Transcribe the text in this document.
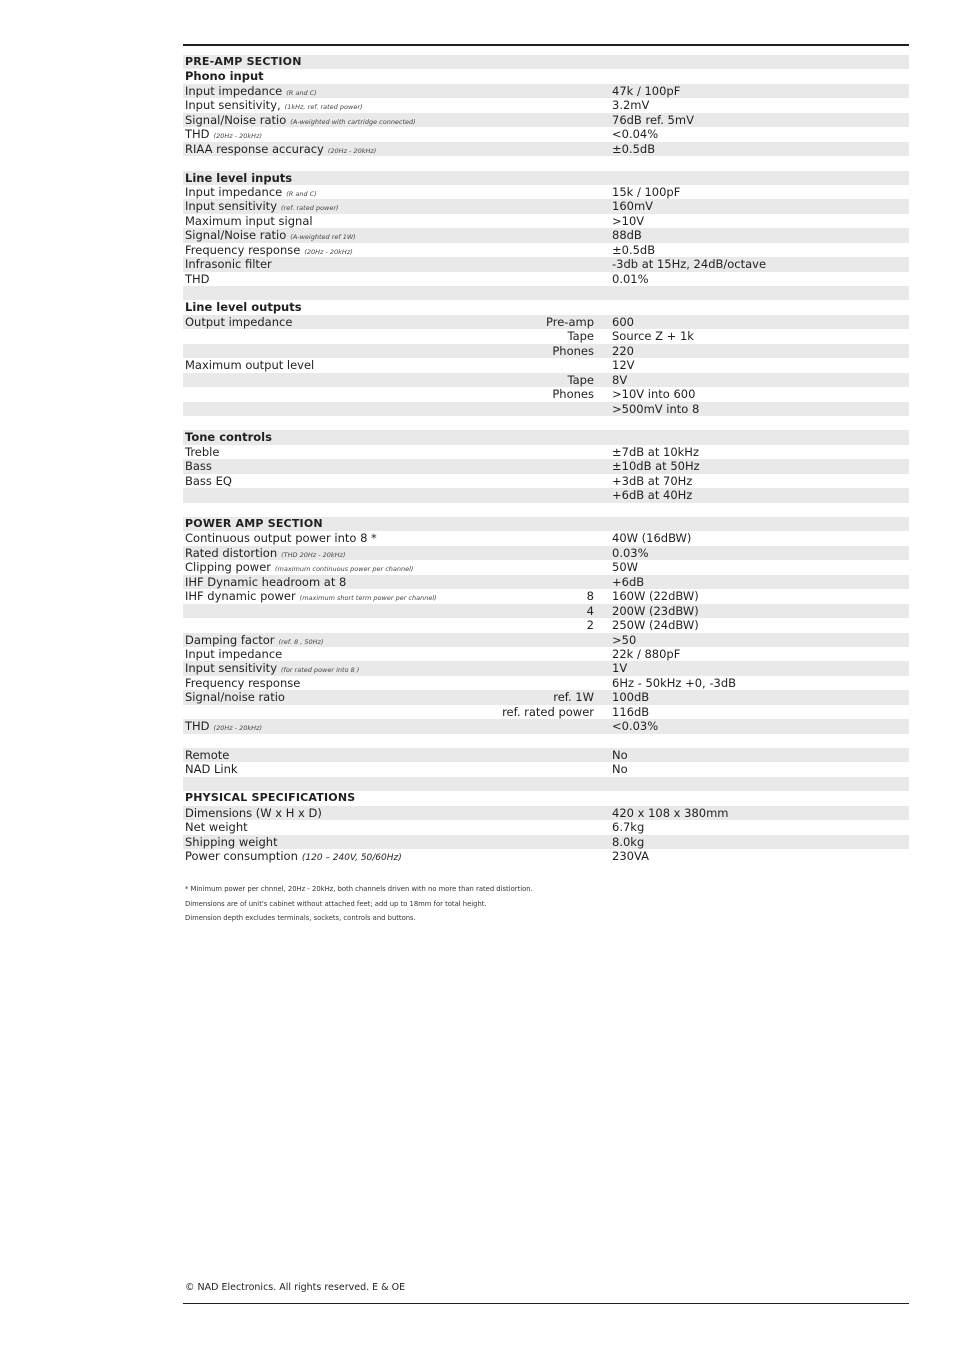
PRE-AMP SECTION
Phono input
Input impedance (R and C)	47k / 100pF
Input sensitivity, (1kHz, ref. rated power)	3.2mV
Signal/Noise ratio (A-weighted with cartridge connected)	76dB ref. 5mV
THD (20Hz - 20kHz)	<0.04%
RIAA response accuracy (20Hz - 20kHz)	±0.5dB
Line level inputs
Input impedance (R and C)	15k / 100pF
Input sensitivity (ref. rated power)	160mV
Maximum input signal	>10V
Signal/Noise ratio (A-weighted ref 1W)	88dB
Frequency response (20Hz - 20kHz)	±0.5dB
Infrasonic filter	-3db at 15Hz, 24dB/octave
THD	0.01%
Line level outputs
Output impedance	Pre-amp 600
Tape Source Z + 1k
Phones 220
Maximum output level	12V
Tape 8V
Phones >10V into 600
>500mV into 8
Tone controls
Treble	±7dB at 10kHz
Bass	±10dB at 50Hz
Bass EQ	+3dB at 70Hz
+6dB at 40Hz
POWER AMP SECTION
Continuous output power into 8 *	40W (16dBW)
Rated distortion (THD 20Hz - 20kHz)	0.03%
Clipping power (maximum continuous power per channel)	50W
IHF Dynamic headroom at 8	+6dB
IHF dynamic power (maximum short term power per channel)	8 160W (22dBW)
4 200W (23dBW)
2 250W (24dBW)
Damping factor (ref. 8 , 50Hz)	>50
Input impedance	22k / 880pF
Input sensitivity (for rated power into 8 )	1V
Frequency response	6Hz - 50kHz +0, -3dB
Signal/noise ratio	ref. 1W 100dB
ref. rated power 116dB
THD (20Hz - 20kHz)	<0.03%
Remote	No
NAD Link	No
PHYSICAL SPECIFICATIONS
Dimensions (W x H x D)	420 x 108 x 380mm
Net weight	6.7kg
Shipping weight	8.0kg
Power consumption (120 – 240V, 50/60Hz)	230VA
* Minimum power per chnnel, 20Hz - 20kHz, both channels driven with no more than rated distiortion.
Dimensions are of unit's cabinet without attached feet; add up to 18mm for total height.
Dimension depth excludes terminals, sockets, controls and buttons.
© NAD Electronics. All rights reserved. E & OE
